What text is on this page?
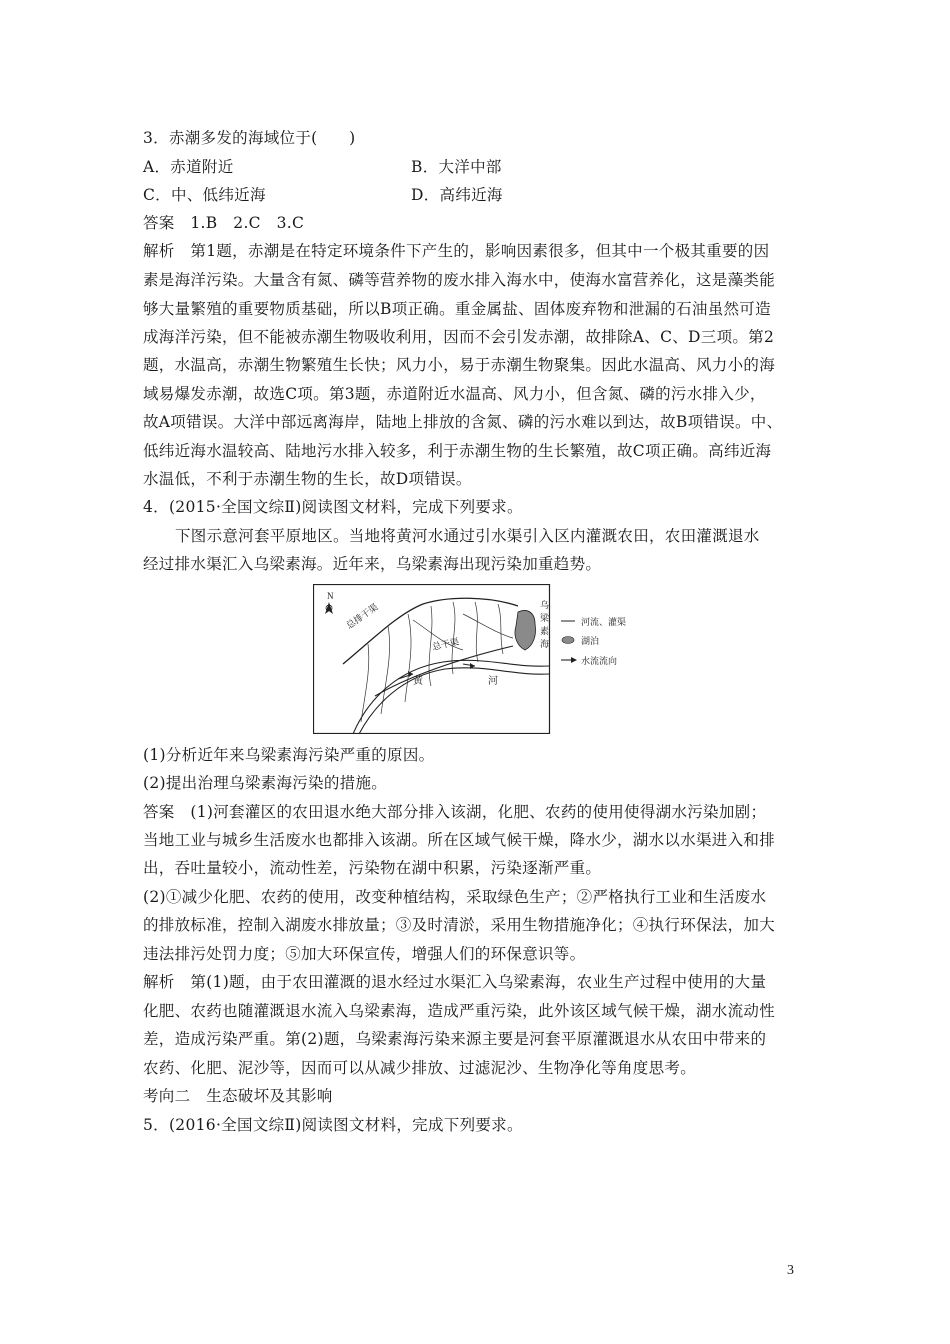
3．赤潮多发的海域位于(　　)
A．赤道附近	B．大洋中部
C．中、低纬近海	D．高纬近海
答案　1.B　2.C　3.C
解析　第1题，赤潮是在特定环境条件下产生的，影响因素很多，但其中一个极其重要的因
素是海洋污染。大量含有氮、磷等营养物的废水排入海水中，使海水富营养化，这是藻类能
够大量繁殖的重要物质基础，所以B项正确。重金属盐、固体废弃物和泄漏的石油虽然可造
成海洋污染，但不能被赤潮生物吸收利用，因而不会引发赤潮，故排除A、C、D三项。第2
题，水温高，赤潮生物繁殖生长快；风力小，易于赤潮生物聚集。因此水温高、风力小的海
域易爆发赤潮，故选C项。第3题，赤道附近水温高、风力小，但含氮、磷的污水排入少，
故A项错误。大洋中部远离海岸，陆地上排放的含氮、磷的污水难以到达，故B项错误。中、
低纬近海水温较高、陆地污水排入较多，利于赤潮生物的生长繁殖，故C项正确。高纬近海
水温低，不利于赤潮生物的生长，故D项错误。
4．(2015·全国文综Ⅱ)阅读图文材料，完成下列要求。
下图示意河套平原地区。当地将黄河水通过引水渠引入区内灌溉农田，农田灌溉退水
经过排水渠汇入乌梁素海。近年来，乌梁素海出现污染加重趋势。
N
总排干渠
总干渠
黄	河
乌
梁
素
海
河流、灌渠
湖泊
水流流向
(1)分析近年来乌梁素海污染严重的原因。
(2)提出治理乌梁素海污染的措施。
答案　(1)河套灌区的农田退水绝大部分排入该湖，化肥、农药的使用使得湖水污染加剧；
当地工业与城乡生活废水也都排入该湖。所在区域气候干燥，降水少，湖水以水渠进入和排
出，吞吐量较小，流动性差，污染物在湖中积累，污染逐渐严重。
(2)①减少化肥、农药的使用，改变种植结构，采取绿色生产；②严格执行工业和生活废水
的排放标准，控制入湖废水排放量；③及时清淤，采用生物措施净化；④执行环保法，加大
违法排污处罚力度；⑤加大环保宣传，增强人们的环保意识等。
解析　第(1)题，由于农田灌溉的退水经过水渠汇入乌梁素海，农业生产过程中使用的大量
化肥、农药也随灌溉退水流入乌梁素海，造成严重污染，此外该区域气候干燥，湖水流动性
差，造成污染严重。第(2)题，乌梁素海污染来源主要是河套平原灌溉退水从农田中带来的
农药、化肥、泥沙等，因而可以从减少排放、过滤泥沙、生物净化等角度思考。
考向二　生态破坏及其影响
5．(2016·全国文综Ⅱ)阅读图文材料，完成下列要求。
3
